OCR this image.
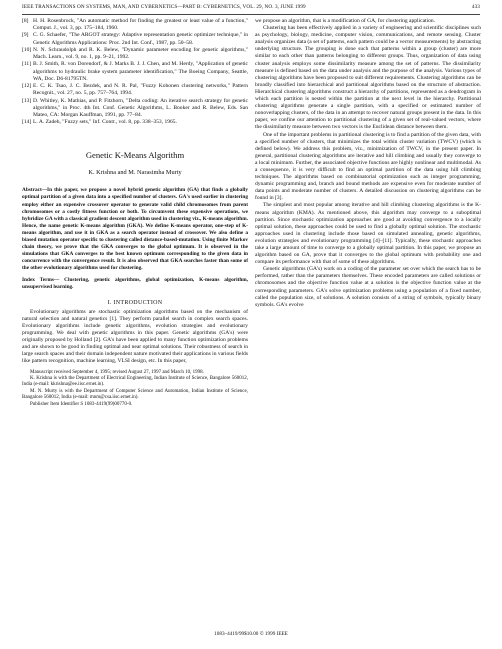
IEEE TRANSACTIONS ON SYSTEMS, MAN, AND CYBERNETICS—PART B: CYBERNETICS, VOL. 29, NO. 3, JUNE 1999	433
[8] H. H. Rosenbrock, "An automatic method for finding the greatest or least value of a function," Comput. J., vol. 3, pp. 175–184, 1960.
[9] C. G. Schaefer, "The ARGOT strategy: Adaptive representation genetic optimizer technique," in Genetic Algorithms Applications: Proc. 2nd Int. Conf., 1987, pp. 50–58.
[10] N. N. Schraudolph and R. K. Belew, "Dynamic parameter encoding for genetic algorithms," Mach. Learn., vol. 9, no. 1, pp. 9–21, 1992.
[11] B. J. Smith, R. von Dorendorf, & J. Marks B. J. J. Chen, and M. Herdy, "Application of genetic algorithms to hydraulic brake system parameter identification," The Boeing Company, Seattle, WA, Doc. D6-81795TN.
[12] E. C. K. Tsao, J. C. Bezdek, and N. R. Pal, "Fuzzy Kohonen clustering networks," Pattern Recognit., vol. 27, no. 5, pp. 757–764, 1994.
[13] D. Whitley, K. Mathias, and P. Fitzhorn, "Delta coding: An iterative search strategy for genetic algorithms," in Proc. 4th Int. Conf. Genetic Algorithms, L. Booker and R. Belew, Eds. San Mateo, CA: Morgan Kauffman, 1991, pp. 77–84.
[14] L. A. Zadeh, "Fuzzy sets," Inf. Contr., vol. 8, pp. 338–353, 1965.
Genetic K-Means Algorithm
K. Krishna and M. Narasimha Murty
Abstract—In this paper, we propose a novel hybrid genetic algorithm (GA) that finds a globally optimal partition of a given data into a specified number of clusters. GA's used earlier in clustering employ either an expensive crossover operator to generate valid child chromosomes from parent chromosomes or a costly fitness function or both. To circumvent these expensive operations, we hybridize GA with a classical gradient descent algorithm used in clustering viz., K-means algorithm. Hence, the name genetic K-means algorithm (GKA). We define K-means operator, one-step of K-means algorithm, and use it in GKA as a search operator instead of crossover. We also define a biased mutation operator specific to clustering called distance-based-mutation. Using finite Markov chain theory, we prove that the GKA converges to the global optimum. It is observed in the simulations that GKA converges to the best known optimum corresponding to the given data in concurrence with the convergence result. It is also observed that GKA searches faster than some of the other evolutionary algorithms used for clustering.
Index Terms— Clustering, genetic algorithms, global optimization, K-means algorithm, unsupervised learning.
I. INTRODUCTION

Evolutionary algorithms are stochastic optimization algorithms based on the mechanism of natural selection and natural genetics [1]. They perform parallel search in complex search spaces. Evolutionary algorithms include genetic algorithms, evolution strategies and evolutionary programming. We deal with genetic algorithms in this paper. Genetic algorithms (GA's) were originally proposed by Holland [2]. GA's have been applied to many function optimization problems and are shown to be good in finding optimal and near optimal solutions. Their robustness of search in large search spaces and their domain independent nature motivated their applications in various fields like pattern recognition, machine learning, VLSI design, etc. In this paper,

Manuscript received September 4, 1995; revised August 27, 1997 and March 10, 1998.

K. Krishna is with the Department of Electrical Engineering, Indian Institute of Science, Bangalore 560012, India (e-mail: kkrishna@ee.iisc.ernet.in).

M. N. Murty is with the Department of Computer Science and Automation, Indian Institute of Science, Bangalore 560012, India (e-mail: mnm@csa.iisc.ernet.in).

Publisher Item Identifier S 1083-4419(99)00770-0.

we propose an algorithm, that is a modification of GA, for clustering application.

Clustering has been effectively applied in a variety of engineering and scientific disciplines such as psychology, biology, medicine, computer vision, communications, and remote sensing. Cluster analysis organizes data (a set of patterns, each pattern could be a vector measurements) by abstracting underlying structure. The grouping is done such that patterns within a group (cluster) are more similar to each other than patterns belonging to different groups. Thus, organization of data using cluster analysis employs some dissimilarity measure among the set of patterns. The dissimilarity measure is defined based on the data under analysis and the purpose of the analysis. Various types of clustering algorithms have been proposed to suit different requirements. Clustering algorithms can be broadly classified into hierarchical and partitional algorithms based on the structure of abstraction. Hierarchical clustering algorithms construct a hierarchy of partitions, represented as a dendrogram in which each partition is nested within the partition at the next level in the hierarchy. Partitional clustering algorithms generate a single partition, with a specified or estimated number of nonoverlapping clusters, of the data in an attempt to recover natural groups present in the data. In this paper, we confine our attention to partitional clustering of a given set of real-valued vectors, where the dissimilarity measure between two vectors is the Euclidean distance between them.

One of the important problems in partitional clustering is to find a partition of the given data, with a specified number of clusters, that minimizes the total within cluster variation (TWCV) (which is defined below). We address this problem, viz., minimization of TWCV, in the present paper. In general, partitional clustering algorithms are iterative and hill climbing and usually they converge to a local minimum. Further, the associated objective functions are highly nonlinear and multimodal. As a consequence, it is very difficult to find an optimal partition of the data using hill climbing techniques. The algorithms based on combinatorial optimization such as integer programming, dynamic programming and, branch and bound methods are expensive even for moderate number of data points and moderate number of clusters. A detailed discussion on clustering algorithms can be found in [3].

The simplest and most popular among iterative and hill climbing clustering algorithms is the K-means algorithm (KMA). As mentioned above, this algorithm may converge to a suboptimal partition. Since stochastic optimization approaches are good at avoiding convergence to a locally optimal solution, these approaches could be used to find a globally optimal solution. The stochastic approaches used in clustering include those based on simulated annealing, genetic algorithms, evolution strategies and evolutionary programming [4]–[11]. Typically, these stochastic approaches take a large amount of time to converge to a globally optimal partition. In this paper, we propose an algorithm based on GA, prove that it converges to the global optimum with probability one and compare its performance with that of some of these algorithms.

Genetic algorithms (GA's) work on a coding of the parameter set over which the search has to be performed, rather than the parameters themselves. These encoded parameters are called solutions or chromosomes and the objective function value at a solution is the objective function value at the corresponding parameters. GA's solve optimization problems using a population of a fixed number, called the population size, of solutions. A solution consists of a string of symbols, typically binary symbols. GA's evolve

1083–4419/99$10.00 © 1999 IEEE
